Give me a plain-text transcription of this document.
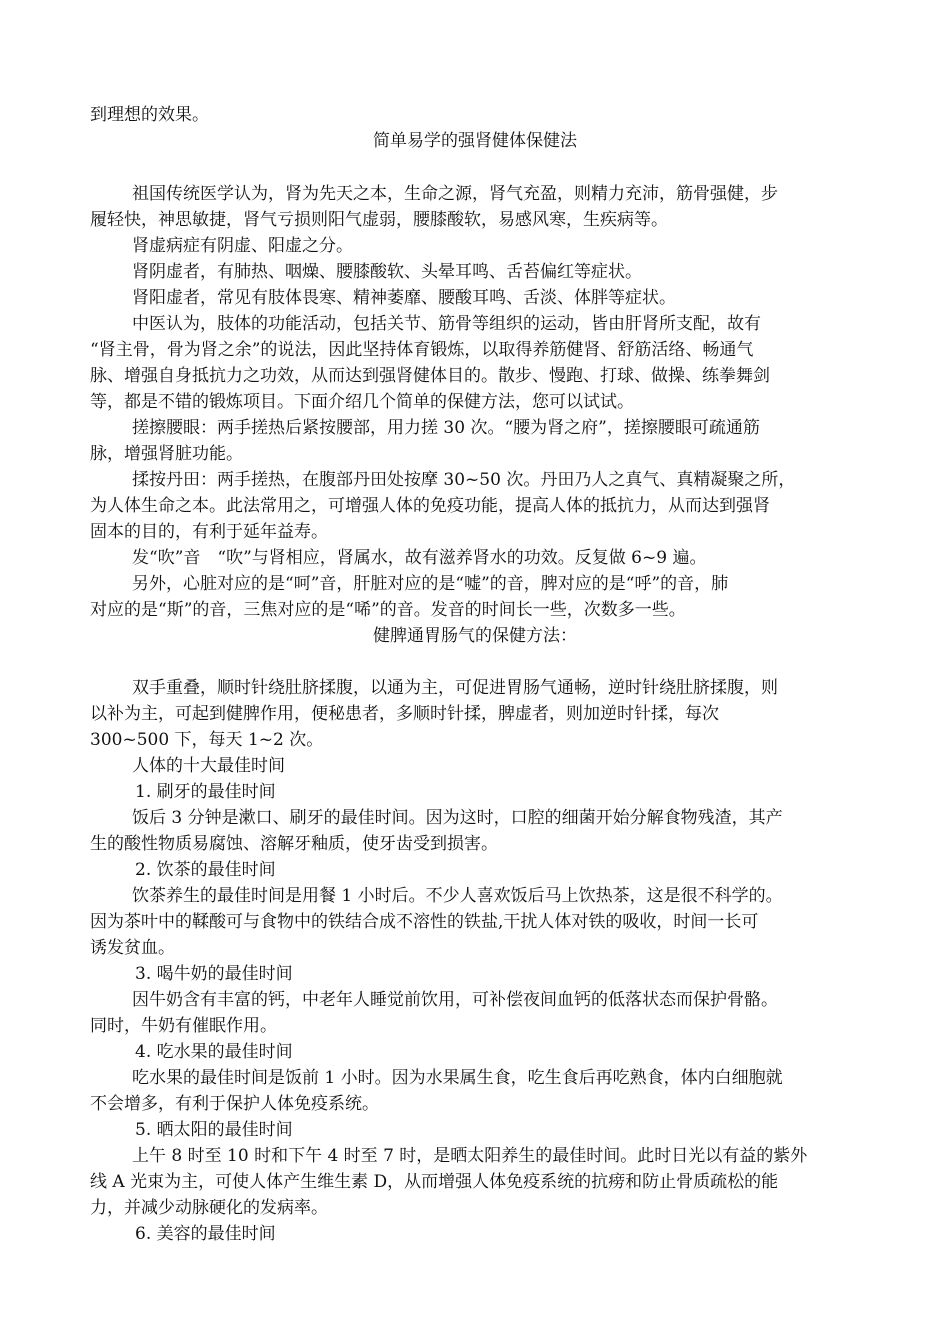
到理想的效果。
简单易学的强肾健体保健法
祖国传统医学认为，肾为先天之本，生命之源，肾气充盈，则精力充沛，筋骨强健，步
履轻快，神思敏捷，肾气亏损则阳气虚弱，腰膝酸软，易感风寒，生疾病等。
肾虚病症有阴虚、阳虚之分。
肾阴虚者，有肺热、咽燥、腰膝酸软、头晕耳鸣、舌苔偏红等症状。
肾阳虚者，常见有肢体畏寒、精神萎靡、腰酸耳鸣、舌淡、体胖等症状。
中医认为，肢体的功能活动，包括关节、筋骨等组织的运动，皆由肝肾所支配，故有
“肾主骨，骨为肾之余”的说法，因此坚持体育锻炼，以取得养筋健肾、舒筋活络、畅通气
脉、增强自身抵抗力之功效，从而达到强肾健体目的。散步、慢跑、打球、做操、练拳舞剑
等，都是不错的锻炼项目。下面介绍几个简单的保健方法，您可以试试。
搓擦腰眼：两手搓热后紧按腰部，用力搓 30 次。“腰为肾之府”，搓擦腰眼可疏通筋
脉，增强肾脏功能。
揉按丹田：两手搓热，在腹部丹田处按摩 30~50 次。丹田乃人之真气、真精凝聚之所，
为人体生命之本。此法常用之，可增强人体的免疫功能，提高人体的抵抗力，从而达到强肾
固本的目的，有利于延年益寿。
发“吹”音　“吹”与肾相应，肾属水，故有滋养肾水的功效。反复做 6~9 遍。
另外，心脏对应的是“呵”音，肝脏对应的是“嘘”的音，脾对应的是“呼”的音，肺
对应的是“斯”的音，三焦对应的是“唏”的音。发音的时间长一些，次数多一些。
健脾通胃肠气的保健方法：
双手重叠，顺时针绕肚脐揉腹，以通为主，可促进胃肠气通畅，逆时针绕肚脐揉腹，则
以补为主，可起到健脾作用，便秘患者，多顺时针揉，脾虚者，则加逆时针揉，每次
300~500 下，每天 1~2 次。
人体的十大最佳时间
1. 刷牙的最佳时间
饭后 3 分钟是漱口、刷牙的最佳时间。因为这时，口腔的细菌开始分解食物残渣，其产
生的酸性物质易腐蚀、溶解牙釉质，使牙齿受到损害。
2. 饮茶的最佳时间
饮茶养生的最佳时间是用餐 1 小时后。不少人喜欢饭后马上饮热茶，这是很不科学的。
因为茶叶中的鞣酸可与食物中的铁结合成不溶性的铁盐,干扰人体对铁的吸收，时间一长可
诱发贫血。
3. 喝牛奶的最佳时间
因牛奶含有丰富的钙，中老年人睡觉前饮用，可补偿夜间血钙的低落状态而保护骨骼。
同时，牛奶有催眠作用。
4. 吃水果的最佳时间
吃水果的最佳时间是饭前 1 小时。因为水果属生食，吃生食后再吃熟食，体内白细胞就
不会增多，有利于保护人体免疫系统。
5. 晒太阳的最佳时间
上午 8 时至 10 时和下午 4 时至 7 时，是晒太阳养生的最佳时间。此时日光以有益的紫外
线 A 光束为主，可使人体产生维生素 D，从而增强人体免疫系统的抗痨和防止骨质疏松的能
力，并减少动脉硬化的发病率。
6. 美容的最佳时间
